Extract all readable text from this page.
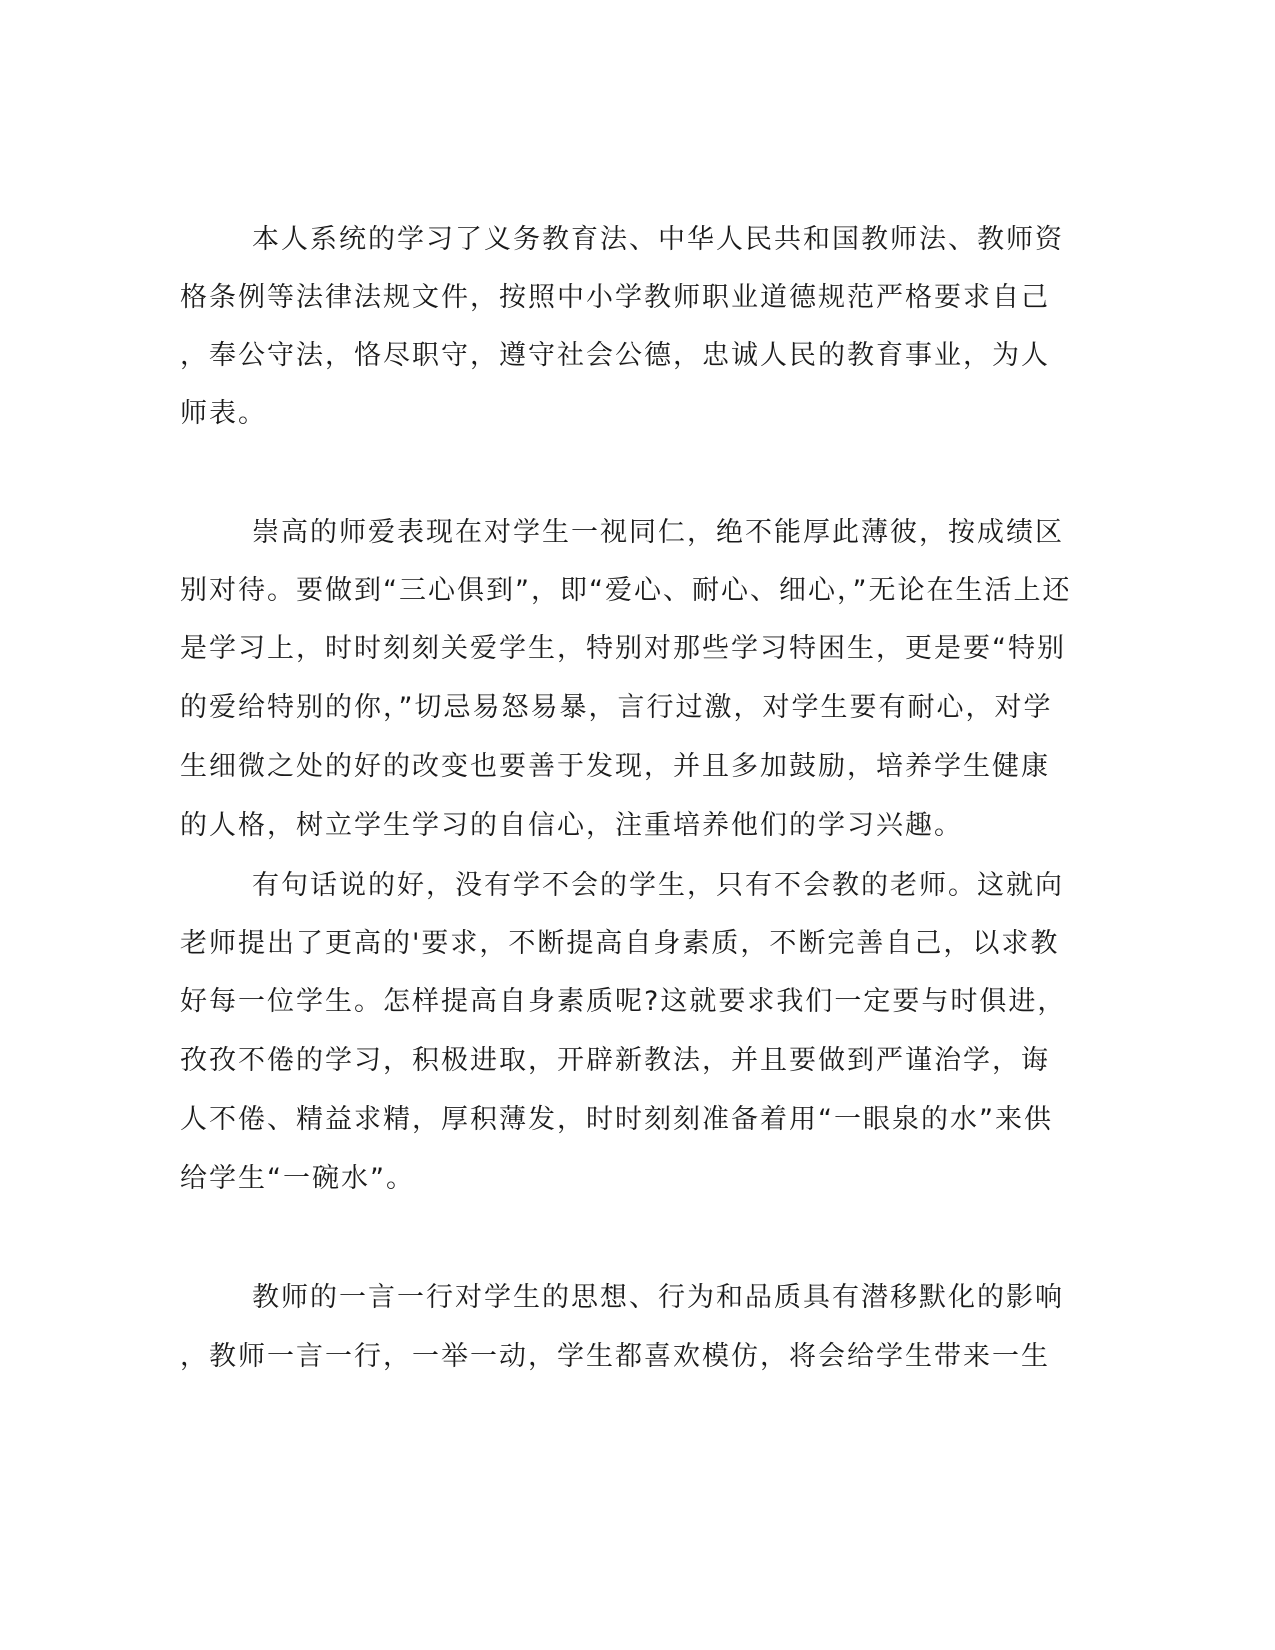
本人系统的学习了义务教育法、中华人民共和国教师法、教师资
格条例等法律法规文件，按照中小学教师职业道德规范严格要求自己
，奉公守法，恪尽职守，遵守社会公德，忠诚人民的教育事业，为人
师表。
崇高的师爱表现在对学生一视同仁，绝不能厚此薄彼，按成绩区
别对待。要做到“三心俱到”，即“爱心、耐心、细心，”无论在生活上还
是学习上，时时刻刻关爱学生，特别对那些学习特困生，更是要“特别
的爱给特别的你，”切忌易怒易暴，言行过激，对学生要有耐心，对学
生细微之处的好的改变也要善于发现，并且多加鼓励，培养学生健康
的人格，树立学生学习的自信心，注重培养他们的学习兴趣。
有句话说的好，没有学不会的学生，只有不会教的老师。这就向
老师提出了更高的'要求，不断提高自身素质，不断完善自己，以求教
好每一位学生。怎样提高自身素质呢?这就要求我们一定要与时俱进，
孜孜不倦的学习，积极进取，开辟新教法，并且要做到严谨治学，诲
人不倦、精益求精，厚积薄发，时时刻刻准备着用“一眼泉的水”来供
给学生“一碗水”。
教师的一言一行对学生的思想、行为和品质具有潜移默化的影响
，教师一言一行，一举一动，学生都喜欢模仿，将会给学生带来一生
